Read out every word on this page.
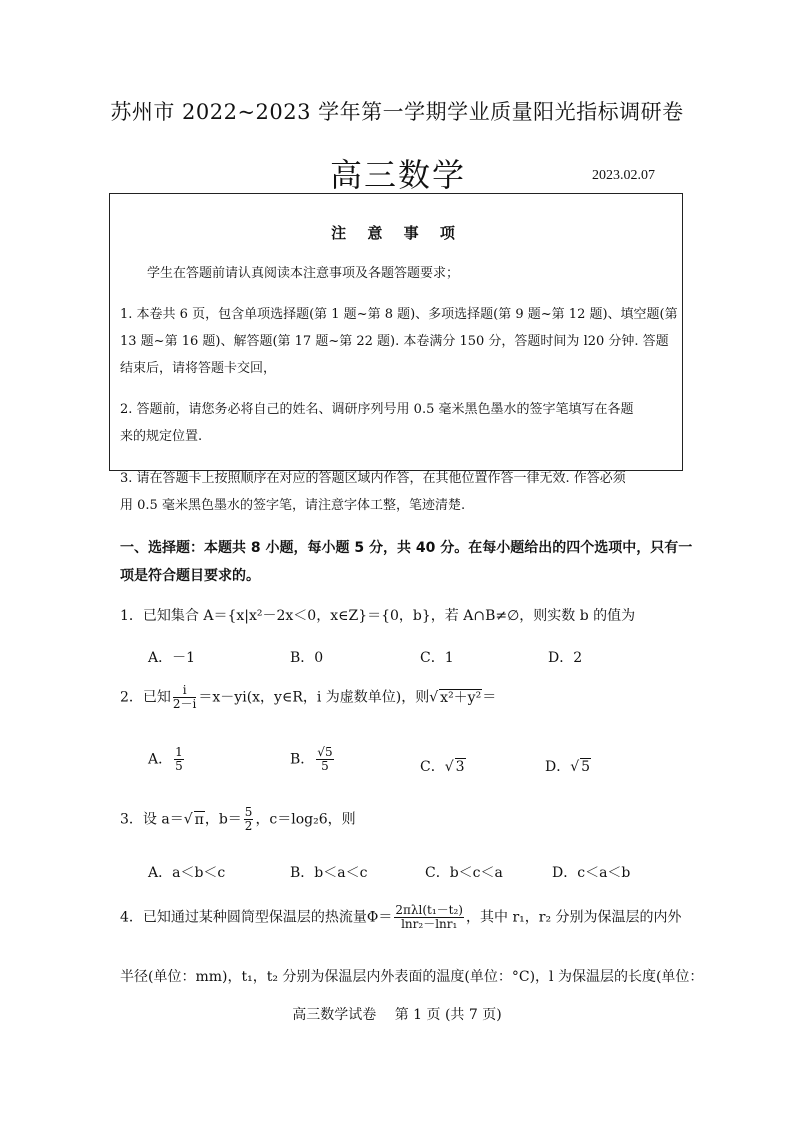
苏州市 2022~2023 学年第一学期学业质量阳光指标调研卷
高三数学	2023.02.07
注 意 事 项
学生在答题前请认真阅读本注意事项及各题答题要求；
1. 本卷共 6 页，包含单项选择题(第 1 题~第 8 题)、多项选择题(第 9 题~第 12 题)、填空题(第
13 题~第 16 题)、解答题(第 17 题~第 22 题). 本卷满分 150 分，答题时间为 l20 分钟. 答题
结束后，请将答题卡交回，
2. 答题前，请您务必将自己的姓名、调研序列号用 0.5 毫米黑色墨水的签字笔填写在各题
来的规定位置.
3. 请在答题卡上按照顺序在对应的答题区域内作答，在其他位置作答一律无效. 作答必须
用 0.5 毫米黑色墨水的签字笔，请注意字体工整，笔迹清楚.
一、选择题：本题共 8 小题，每小题 5 分，共 40 分。在每小题给出的四个选项中，只有一
项是符合题目要求的。
1．已知集合 A＝{x|x²－2x＜0，x∈Z}＝{0，b}，若 A∩B≠∅，则实数 b 的值为
A．－1	B．0	C．1	D．2
2．已知 $\frac{i}{2-i} =x-yi(x$，y∈R，i 为虚数单位)，则√ x²＋y²＝
A． $\frac{1}{5}$	B． $\frac{√5}{5}$	C．√ 3	D．√ 5
3．设 a＝√ π，$b= \frac{5}{2}$ ，c＝log₂6，则
A．a＜b＜c	B．b＜a＜c	C．b＜c＜a	D．c＜a＜b
4．已知通过某种圆筒型保温层的热流量$\Phi= \frac{\text{2πλl(t₁－t₂)}}{\text{lnr₂－lnr₁}}$ ，其中 r₁，r₂ 分别为保温层的内外
半径(单位：mm)，t₁，t₂ 分别为保温层内外表面的温度(单位：°C)，l 为保温层的长度(单位：
高三数学试卷　 第 1 页 (共 7 页)
